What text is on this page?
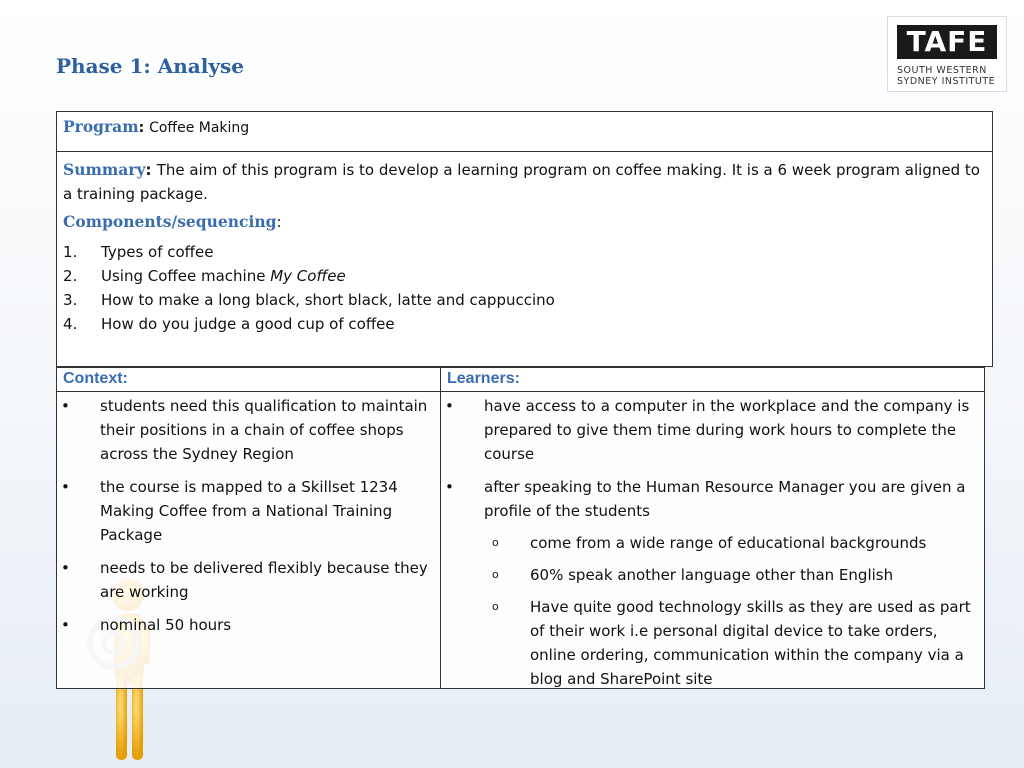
Phase 1: Analyse
TAFE
SOUTH WESTERN
SYDNEY INSTITUTE
Program: Coffee Making
Summary: The aim of this program is to develop a learning program on coffee making. It is a 6 week program aligned to a training package.
Components/sequencing:
1.	Types of coffee
2.	Using Coffee machine My Coffee
3.	How to make a long black, short black, latte and cappuccino
4.	How do you judge a good cup of coffee
Context:
•	students need this qualification to maintain their positions in a chain of coffee shops across the Sydney Region
•	the course is mapped to a Skillset 1234 Making Coffee from a National Training Package
•	needs to be delivered flexibly because they are working
•	nominal 50 hours
Learners:
•	have access to a computer in the workplace and the company is prepared to give them time during work hours to complete the course
•	after speaking to the Human Resource Manager you are given a profile of the students
o	come from a wide range of educational backgrounds
o	60% speak another language other than English
o	Have quite good technology skills as they are used as part of their work i.e personal digital device to take orders, online ordering, communication within the company via a blog and SharePoint site
